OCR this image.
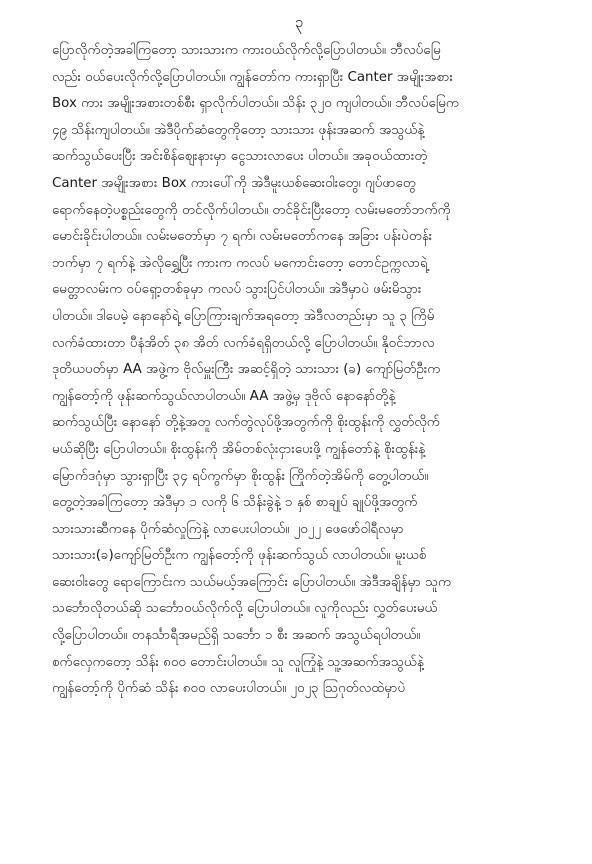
၃
ပြောလိုက်တဲ့အခါကြတော့ သားသားက ကားဝယ်လိုက်လို့ပြောပါတယ်။ ဘီလပ်မြေ
လည်း ဝယ်ပေးလိုက်လို့ပြောပါတယ်။ ကျွန်တော်က ကားရှာပြီး Canter အမျိုးအစား
Box ကား အမျိုးအစားတစ်စီး ရှာလိုက်ပါတယ်။ သိန်း ၃၂၀ ကျပါတယ်။ ဘီလပ်မြေက
၄၉ သိန်းကျပါတယ်။ အဲဒီပိုက်ဆံတွေကိုတော့ သားသား ဖုန်းအဆက် အသွယ်နဲ့
ဆက်သွယ်ပေးပြီး အင်းစိန်ဈေးနားမှာ ငွေသားလာပေး ပါတယ်။ အခုဝယ်ထားတဲ့
Canter အမျိုးအစား Box ကားပေါ်ကို အဲဒီမူးယစ်ဆေးဝါးတွေ၊ ဂျပ်ဖာတွေ
ရောက်နေတဲ့ပစ္စည်းတွေကို တင်လိုက်ပါတယ်။ တင်ခိုင်းပြီးတော့ လမ်းမတော်ဘက်ကို
မောင်းခိုင်းပါတယ်။ လမ်းမတော်မှာ ၇ ရက်၊ လမ်းမတော်ကနေ အခြား ပန်းပဲတန်း
ဘက်မှာ ၇ ရက်နဲ့ အဲလိုရွှေ့ပြီး ကားက ကလပ် မကောင်းတော့ တောင်ဥက္ကလာရဲ့
မေတ္တာလမ်းက ဝပ်ရှော့တစ်ခုမှာ ကလပ် သွားပြင်ပါတယ်။ အဲဒီမှာပဲ ဖမ်းမိသွား
ပါတယ်။ ဒါပေမဲ့ နောနော်ရဲ့ ပြောကြားချက်အရတော့ အဲဒီလတည်းမှာ သူ ၃ ကြိမ်
လက်ခံထားတာ ပီနံအိတ် ၃၈ အိတ် လက်ခံရရှိတယ်လို့ ပြောပါတယ်။ နိုဝင်ဘာလ
ဒုတိယပတ်မှာ AA အဖွဲ့က ဗိုလ်မှူးကြီး အဆင့်ရှိတဲ့ သားသား (ခ) ကျော်မြတ်ဦးက
ကျွန်တော့်ကို ဖုန်းဆက်သွယ်လာပါတယ်။ AA အဖွဲ့မှ ဒုဗိုလ် နောနော်တို့နဲ့
ဆက်သွယ်ပြီး နောနော် တို့နဲ့အတူ လက်တွဲလုပ်ဖို့အတွက်ကို စိုးထွန်းကို လွှတ်လိုက်
မယ်ဆိုပြီး ပြောပါတယ်။ စိုးထွန်းကို အိမ်တစ်လုံးငှားပေးဖို့ ကျွန်တော်နဲ့ စိုးထွန်းနဲ့
မြောက်ဒဂုံမှာ သွားရှာပြီး ၃၄ ရပ်ကွက်မှာ စိုးထွန်း ကြိုက်တဲ့အိမ်ကို တွေ့ပါတယ်။
တွေ့တဲ့အခါကြတော့ အဲဒီမှာ ၁ လကို ၆ သိန်းခွဲနဲ့ ၁ နှစ် စာချုပ် ချုပ်ဖို့အတွက်
သားသားဆီကနေ ပိုက်ဆံလှုကြဲနဲ့ လာပေးပါတယ်။ ၂၀၂၂ ဖေဖော်ဝါရီလမှာ
သားသား(ခ)ကျော်မြတ်ဦးက ကျွန်တော့်ကို ဖုန်းဆက်သွယ် လာပါတယ်။ မူးယစ်
ဆေးဝါးတွေ ရောကြောင်းက သယ်မယ့်အကြောင်း ပြောပါတယ်။ အဲဒီအချိန်မှာ သူက
သင်္ဘောလိုတယ်ဆို သင်္ဘောဝယ်လိုက်လို့ ပြောပါတယ်။ လူကိုလည်း လွှတ်ပေးမယ်
လို့ပြောပါတယ်။ တနင်္သာရီအမည်ရှိ သင်္ဘော ၁ စီး အဆက် အသွယ်ရပါတယ်။
စက်လှေကတော့ သိန်း ၈၀၀ တောင်းပါတယ်။ သူ လူကြုံနဲ့ သူ့အဆက်အသွယ်နဲ့
ကျွန်တော့်ကို ပိုက်ဆံ သိန်း ၈၀၀ လာပေးပါတယ်။ ၂၀၂၃ ဩဂုတ်လထဲမှာပဲ
